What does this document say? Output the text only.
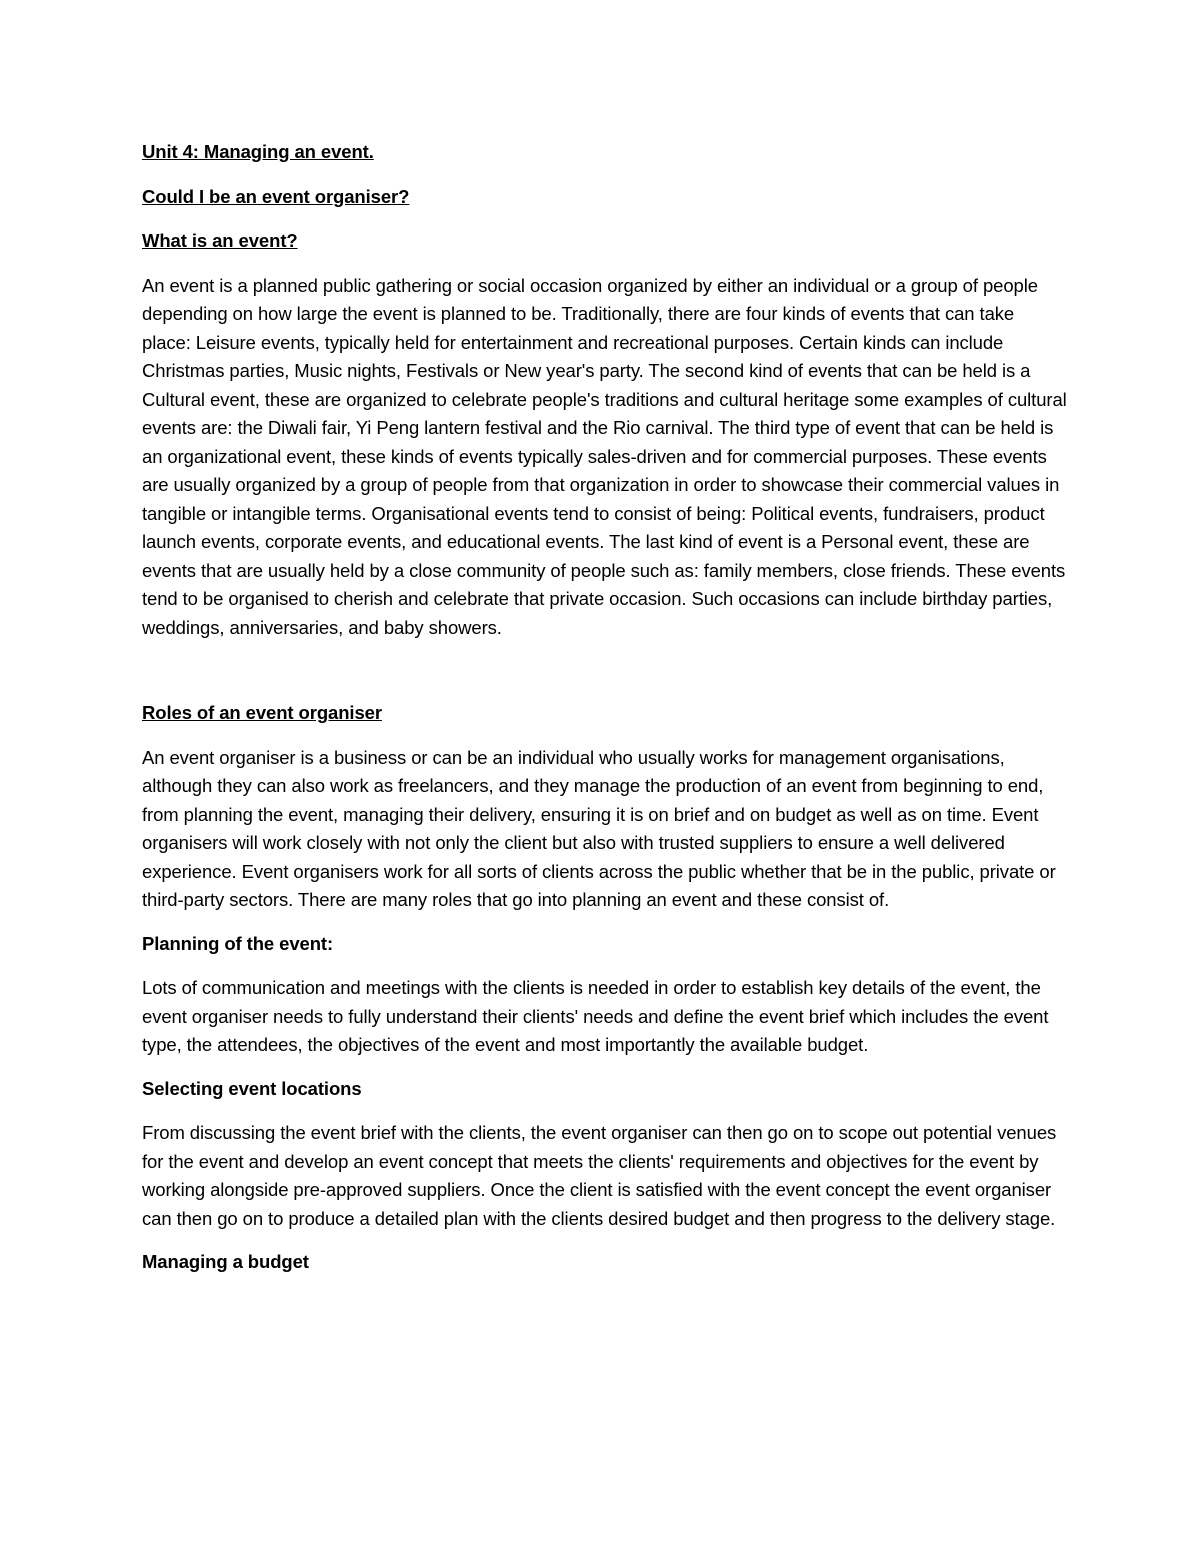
Unit 4: Managing an event.
Could I be an event organiser?
What is an event?
An event is a planned public gathering or social occasion organized by either an individual or a group of people depending on how large the event is planned to be. Traditionally, there are four kinds of events that can take place: Leisure events, typically held for entertainment and recreational purposes. Certain kinds can include Christmas parties, Music nights, Festivals or New year's party. The second kind of events that can be held is a Cultural event, these are organized to celebrate people's traditions and cultural heritage some examples of cultural events are: the Diwali fair, Yi Peng lantern festival and the Rio carnival. The third type of event that can be held is an organizational event, these kinds of events typically sales-driven and for commercial purposes. These events are usually organized by a group of people from that organization in order to showcase their commercial values in tangible or intangible terms. Organisational events tend to consist of being: Political events, fundraisers, product launch events, corporate events, and educational events. The last kind of event is a Personal event, these are events that are usually held by a close community of people such as: family members, close friends. These events tend to be organised to cherish and celebrate that private occasion. Such occasions can include birthday parties, weddings, anniversaries, and baby showers.
Roles of an event organiser
An event organiser is a business or can be an individual who usually works for management organisations, although they can also work as freelancers, and they manage the production of an event from beginning to end, from planning the event, managing their delivery, ensuring it is on brief and on budget as well as on time. Event organisers will work closely with not only the client but also with trusted suppliers to ensure a well delivered experience. Event organisers work for all sorts of clients across the public whether that be in the public, private or third-party sectors. There are many roles that go into planning an event and these consist of.
Planning of the event:
Lots of communication and meetings with the clients is needed in order to establish key details of the event, the event organiser needs to fully understand their clients' needs and define the event brief which includes the event type, the attendees, the objectives of the event and most importantly the available budget.
Selecting event locations
From discussing the event brief with the clients, the event organiser can then go on to scope out potential venues for the event and develop an event concept that meets the clients' requirements and objectives for the event by working alongside pre-approved suppliers. Once the client is satisfied with the event concept the event organiser can then go on to produce a detailed plan with the clients desired budget and then progress to the delivery stage.
Managing a budget
